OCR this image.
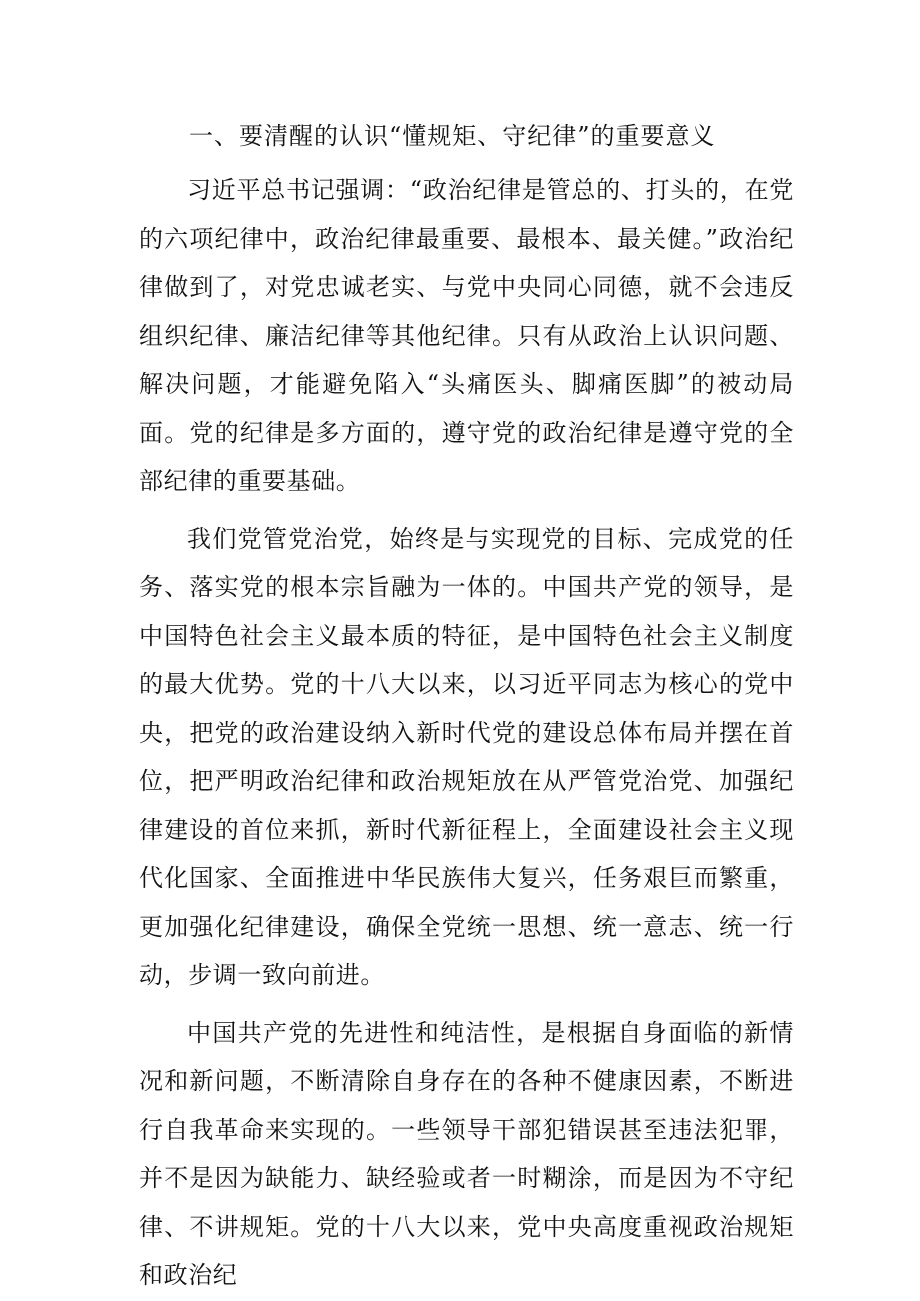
一、要清醒的认识“懂规矩、守纪律”的重要意义

习近平总书记强调：“政治纪律是管总的、打头的，在党的六项纪律中，政治纪律最重要、最根本、最关健。”政治纪律做到了，对党忠诚老实、与党中央同心同德，就不会违反组织纪律、廉洁纪律等其他纪律。只有从政治上认识问题、解决问题，才能避免陷入“头痛医头、脚痛医脚”的被动局面。党的纪律是多方面的，遵守党的政治纪律是遵守党的全部纪律的重要基础。

我们党管党治党，始终是与实现党的目标、完成党的任务、落实党的根本宗旨融为一体的。中国共产党的领导，是中国特色社会主义最本质的特征，是中国特色社会主义制度的最大优势。党的十八大以来，以习近平同志为核心的党中央，把党的政治建设纳入新时代党的建设总体布局并摆在首位，把严明政治纪律和政治规矩放在从严管党治党、加强纪律建设的首位来抓，新时代新征程上，全面建设社会主义现代化国家、全面推进中华民族伟大复兴，任务艰巨而繁重，更加强化纪律建设，确保全党统一思想、统一意志、统一行动，步调一致向前进。

中国共产党的先进性和纯洁性，是根据自身面临的新情况和新问题，不断清除自身存在的各种不健康因素，不断进行自我革命来实现的。一些领导干部犯错误甚至违法犯罪，并不是因为缺能力、缺经验或者一时糊涂，而是因为不守纪律、不讲规矩。党的十八大以来，党中央高度重视政治规矩和政治纪
